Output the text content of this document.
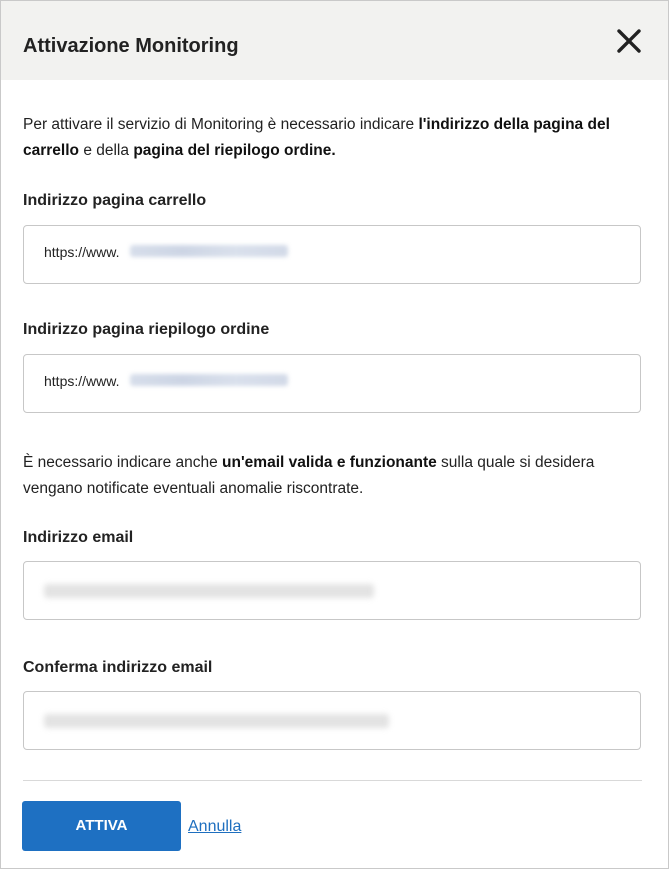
Attivazione Monitoring
Per attivare il servizio di Monitoring è necessario indicare l'indirizzo della pagina del carrello e della pagina del riepilogo ordine.
Indirizzo pagina carrello
https://www.
Indirizzo pagina riepilogo ordine
https://www.
È necessario indicare anche un'email valida e funzionante sulla quale si desidera vengano notificate eventuali anomalie riscontrate.
Indirizzo email
Conferma indirizzo email
ATTIVA	Annulla
